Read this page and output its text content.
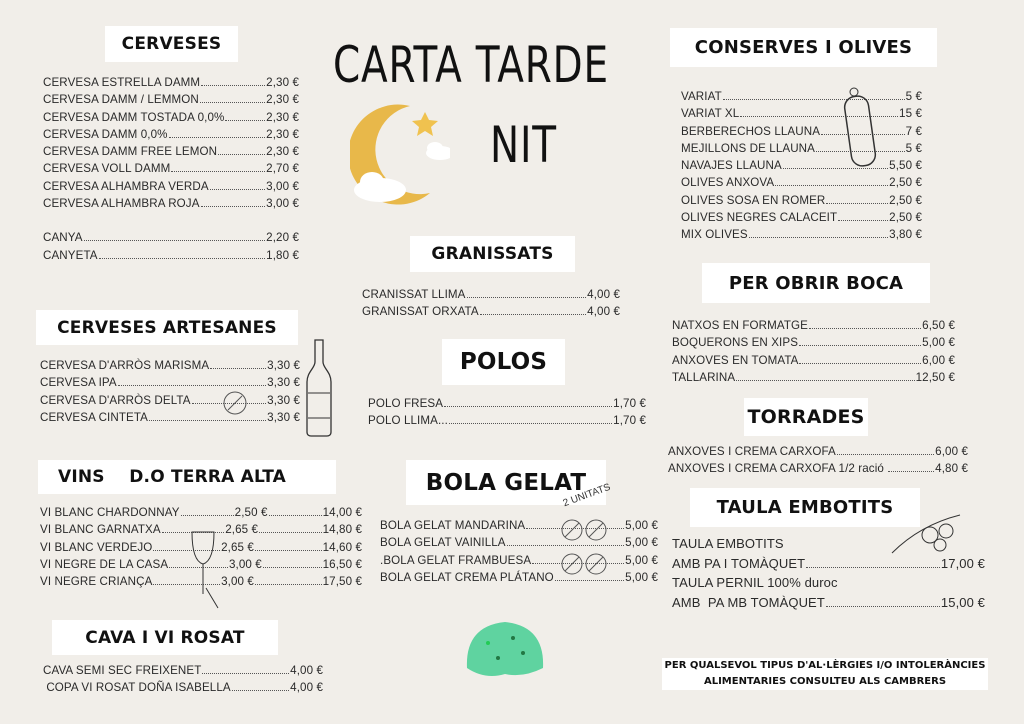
CARTA TARDE
NIT
CERVESES
CERVESA ESTRELLA DAMM	2,30 €
CERVESA DAMM / LEMMON	2,30 €
CERVESA DAMM TOSTADA 0,0%	2,30 €
CERVESA DAMM 0,0%	2,30 €
CERVESA DAMM FREE LEMON	2,30 €
CERVESA VOLL DAMM	2,70 €
CERVESA ALHAMBRA VERDA	3,00 €
CERVESA ALHAMBRA ROJA	3,00 €
CANYA	2,20 €
CANYETA	1,80 €
CERVESES ARTESANES
CERVESA D'ARRÒS MARISMA	3,30 €
CERVESA IPA	3,30 €
CERVESA D'ARRÒS DELTA	3,30 €
CERVESA CINTETA	3,30 €
VINS    D.O TERRA ALTA
VI BLANC CHARDONNAY	2,50 €	14,00 €
VI BLANC GARNATXA	2,65 €	14,80 €
VI BLANC VERDEJO	2,65 €	14,60 €
VI NEGRE DE LA CASA	3,00 €	16,50 €
VI NEGRE CRIANÇA	3,00 €	17,50 €
CAVA I VI ROSAT
CAVA SEMI SEC FREIXENET	4,00 €
COPA VI ROSAT DOÑA ISABELLA	4,00 €
GRANISSATS
CRANISSAT LLIMA	4,00 €
GRANISSAT ORXATA	4,00 €
POLOS
POLO FRESA	1,70 €
POLO LLIMA...	1,70 €
BOLA GELAT
2 UNITATS
BOLA GELAT MANDARINA	5,00 €
BOLA GELAT VAINILLA	5,00 €
.BOLA GELAT FRAMBUESA	5,00 €
BOLA GELAT CREMA PLÁTANO	5,00 €
CONSERVES I OLIVES
VARIAT	5 €
VARIAT XL	15 €
BERBERECHOS LLAUNA	7 €
MEJILLONS DE LLAUNA	5 €
NAVAJES LLAUNA	5,50 €
OLIVES ANXOVA	2,50 €
OLIVES SOSA EN ROMER	2,50 €
OLIVES NEGRES CALACEIT	2,50 €
MIX OLIVES	3,80 €
PER OBRIR BOCA
NATXOS EN FORMATGE	6,50 €
BOQUERONS EN XIPS	5,00 €
ANXOVES EN TOMATA	6,00 €
TALLARINA	12,50 €
TORRADES
ANXOVES I CREMA CARXOFA	6,00 €
ANXOVES I CREMA CARXOFA 1/2 ració	4,80 €
TAULA EMBOTITS
TAULA EMBOTITS
AMB PA I TOMÀQUET	17,00 €
TAULA PERNIL 100% duroc
AMB  PA MB TOMÀQUET	15,00 €
PER QUALSEVOL TIPUS D'AL·LÈRGIES I/O INTOLERÀNCIES
ALIMENTARIES CONSULTEU ALS CAMBRERS
